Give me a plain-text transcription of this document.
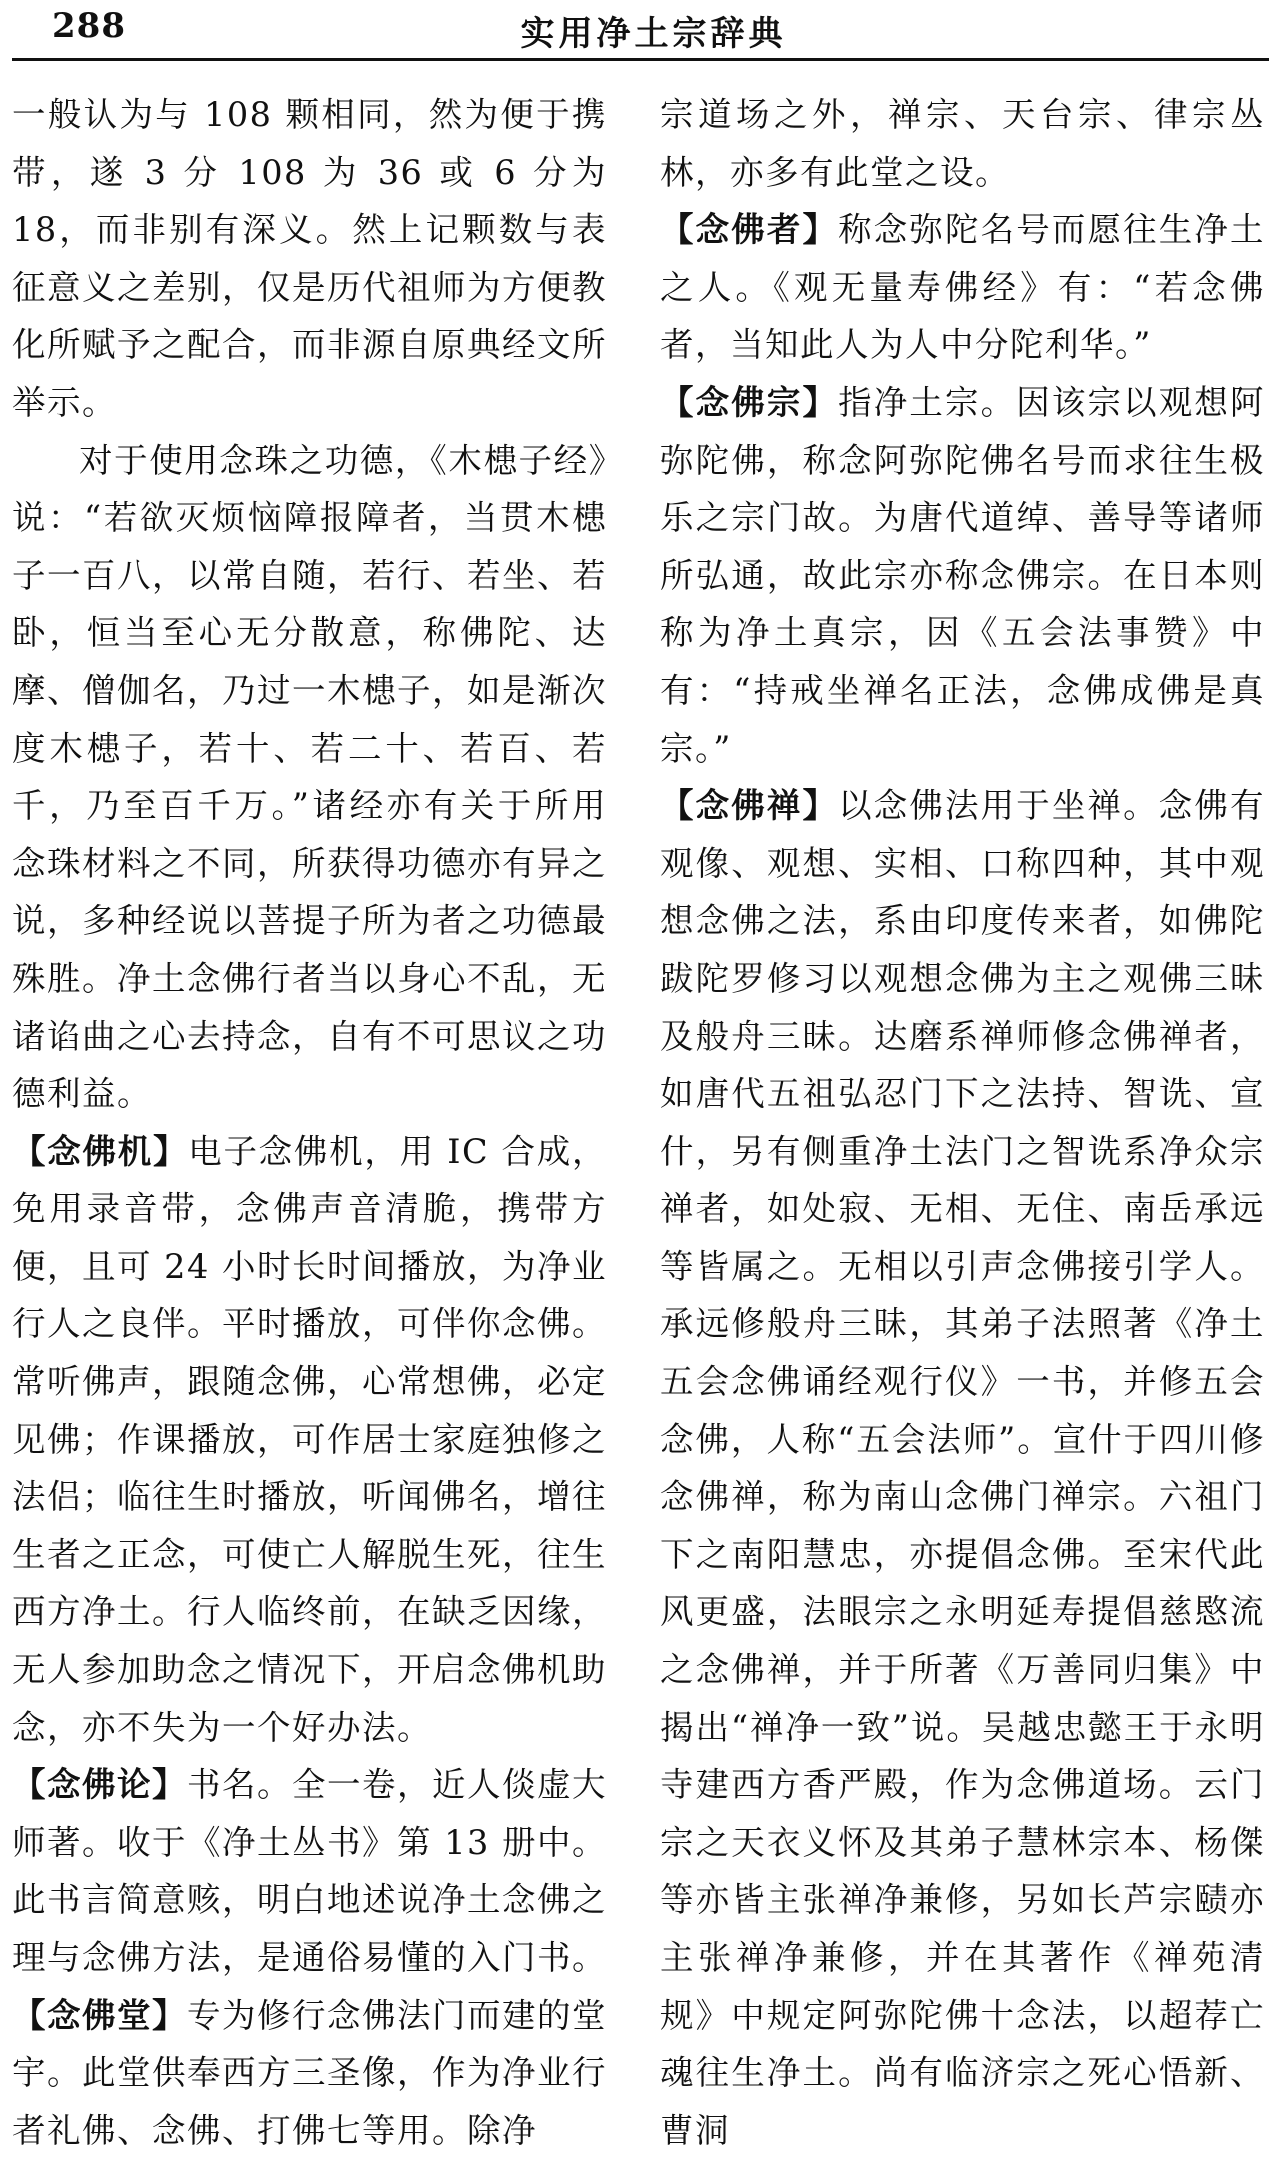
288	实用净土宗辞典

一般认为与 108 颗相同，然为便于携带，遂 3 分 108 为 36 或 6 分为 18，而非别有深义。然上记颗数与表征意义之差别，仅是历代祖师为方便教化所赋予之配合，而非源自原典经文所举示。

对于使用念珠之功德，《木槵子经》说：“若欲灭烦恼障报障者，当贯木槵子一百八，以常自随，若行、若坐、若卧，恒当至心无分散意，称佛陀、达摩、僧伽名，乃过一木槵子，如是渐次度木槵子，若十、若二十、若百、若千，乃至百千万。”诸经亦有关于所用念珠材料之不同，所获得功德亦有异之说，多种经说以菩提子所为者之功德最殊胜。净土念佛行者当以身心不乱，无诸谄曲之心去持念，自有不可思议之功德利益。

【念佛机】电子念佛机，用 IC 合成，免用录音带，念佛声音清脆，携带方便，且可 24 小时长时间播放，为净业行人之良伴。平时播放，可伴你念佛。常听佛声，跟随念佛，心常想佛，必定见佛；作课播放，可作居士家庭独修之法侣；临往生时播放，听闻佛名，增往生者之正念，可使亡人解脱生死，往生西方净土。行人临终前，在缺乏因缘，无人参加助念之情况下，开启念佛机助念，亦不失为一个好办法。

【念佛论】书名。全一卷，近人倓虚大师著。收于《净土丛书》第 13 册中。此书言简意赅，明白地述说净土念佛之理与念佛方法，是通俗易懂的入门书。

【念佛堂】专为修行念佛法门而建的堂宇。此堂供奉西方三圣像，作为净业行者礼佛、念佛、打佛七等用。除净

宗道场之外，禅宗、天台宗、律宗丛林，亦多有此堂之设。

【念佛者】称念弥陀名号而愿往生净土之人。《观无量寿佛经》有：“若念佛者，当知此人为人中分陀利华。”

【念佛宗】指净土宗。因该宗以观想阿弥陀佛，称念阿弥陀佛名号而求往生极乐之宗门故。为唐代道绰、善导等诸师所弘通，故此宗亦称念佛宗。在日本则称为净土真宗，因《五会法事赞》中有：“持戒坐禅名正法，念佛成佛是真宗。”

【念佛禅】以念佛法用于坐禅。念佛有观像、观想、实相、口称四种，其中观想念佛之法，系由印度传来者，如佛陀跋陀罗修习以观想念佛为主之观佛三昧及般舟三昧。达磨系禅师修念佛禅者，如唐代五祖弘忍门下之法持、智诜、宣什，另有侧重净土法门之智诜系净众宗禅者，如处寂、无相、无住、南岳承远等皆属之。无相以引声念佛接引学人。承远修般舟三昧，其弟子法照著《净土五会念佛诵经观行仪》一书，并修五会念佛，人称“五会法师”。宣什于四川修念佛禅，称为南山念佛门禅宗。六祖门下之南阳慧忠，亦提倡念佛。至宋代此风更盛，法眼宗之永明延寿提倡慈愍流之念佛禅，并于所著《万善同归集》中揭出“禅净一致”说。吴越忠懿王于永明寺建西方香严殿，作为念佛道场。云门宗之天衣义怀及其弟子慧林宗本、杨傑等亦皆主张禅净兼修，另如长芦宗赜亦主张禅净兼修，并在其著作《禅苑清规》中规定阿弥陀佛十念法，以超荐亡魂往生净土。尚有临济宗之死心悟新、曹洞
